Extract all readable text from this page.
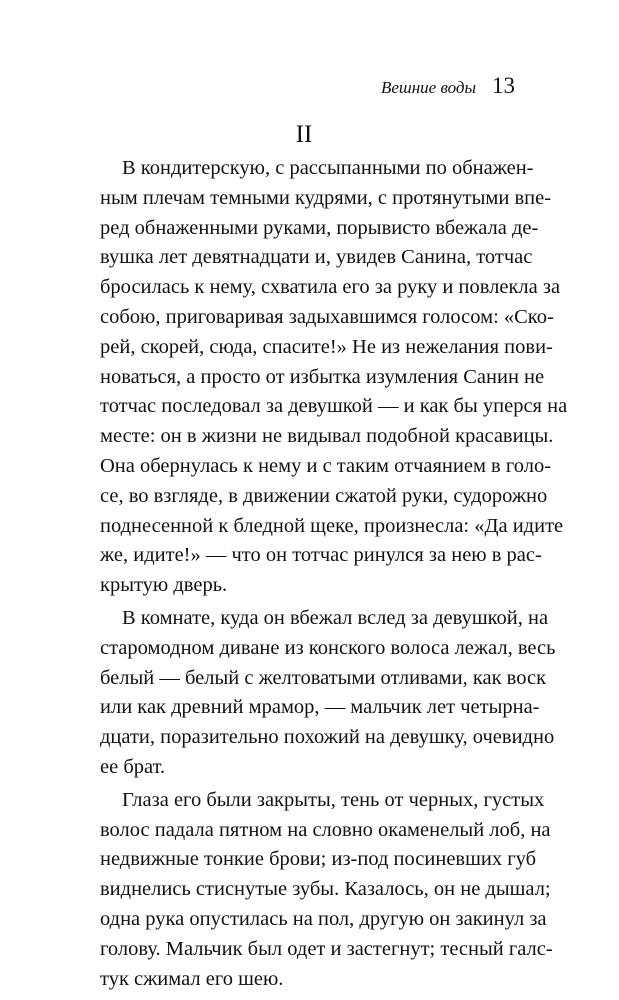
Вешние воды 13
II

В кондитерскую, с рассыпанными по обнажен-
ным плечам темными кудрями, с протянутыми впе-
ред обнаженными руками, порывисто вбежала де-
вушка лет девятнадцати и, увидев Санина, тотчас
бросилась к нему, схватила его за руку и повлекла за
собою, приговаривая задыхавшимся голосом: «Ско-
рей, скорей, сюда, спасите!» Не из нежелания пови-
новаться, а просто от избытка изумления Санин не
тотчас последовал за девушкой — и как бы уперся на
месте: он в жизни не видывал подобной красавицы.
Она обернулась к нему и с таким отчаянием в голо-
се, во взгляде, в движении сжатой руки, судорожно
поднесенной к бледной щеке, произнесла: «Да идите
же, идите!» — что он тотчас ринулся за нею в рас-
крытую дверь.

В комнате, куда он вбежал вслед за девушкой, на
старомодном диване из конского волоса лежал, весь
белый — белый с желтоватыми отливами, как воск
или как древний мрамор, — мальчик лет четырна-
дцати, поразительно похожий на девушку, очевидно
ее брат.

Глаза его были закрыты, тень от черных, густых
волос падала пятном на словно окаменелый лоб, на
недвижные тонкие брови; из-под посиневших губ
виднелись стиснутые зубы. Казалось, он не дышал;
одна рука опустилась на пол, другую он закинул за
голову. Мальчик был одет и застегнут; тесный галс-
тук сжимал его шею.
